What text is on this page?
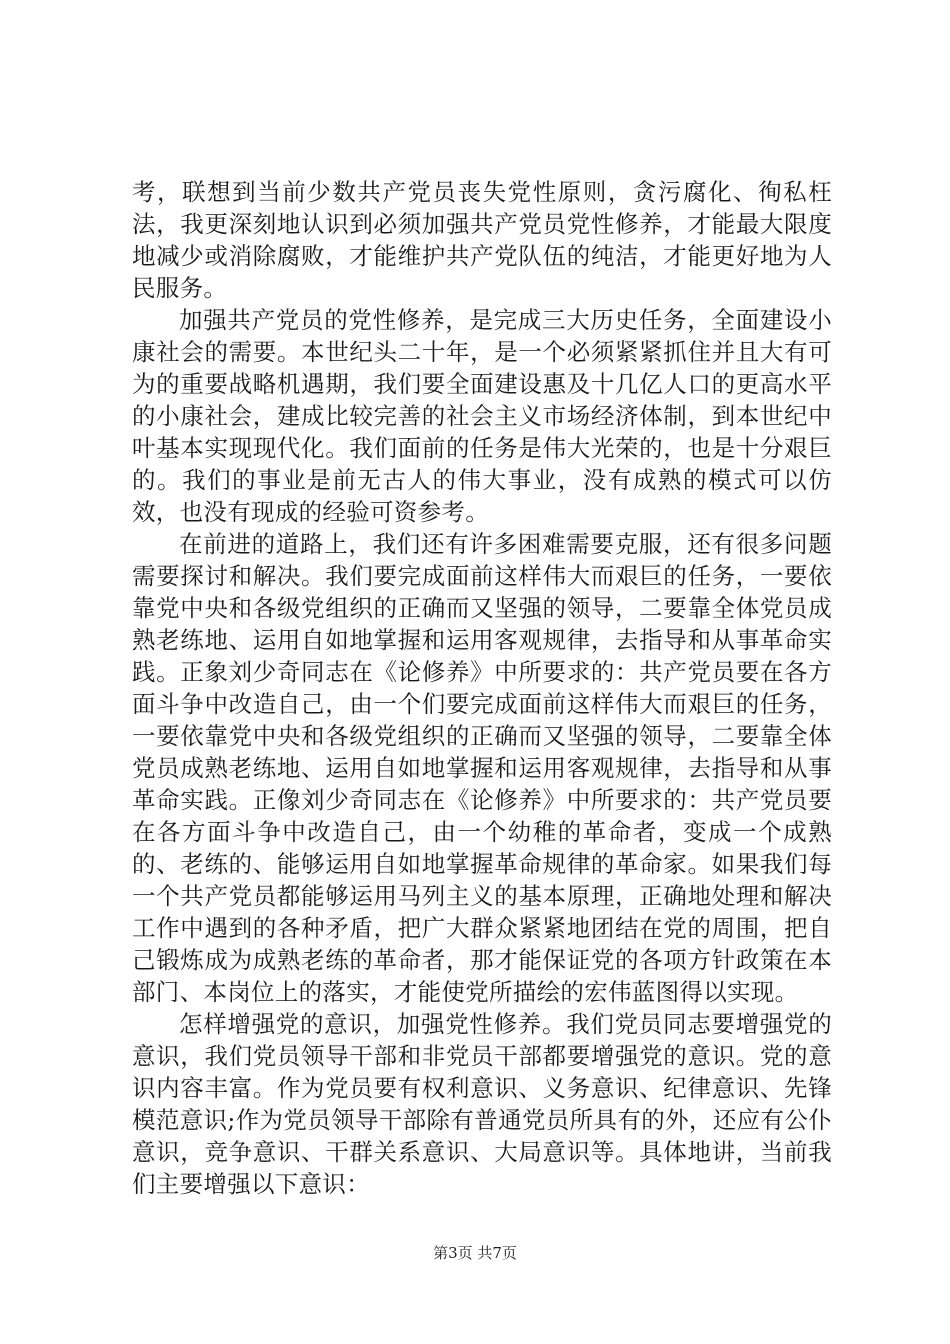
考，联想到当前少数共产党员丧失党性原则，贪污腐化、徇私枉法，我更深刻地认识到必须加强共产党员党性修养，才能最大限度地减少或消除腐败，才能维护共产党队伍的纯洁，才能更好地为人民服务。

加强共产党员的党性修养，是完成三大历史任务，全面建设小康社会的需要。本世纪头二十年，是一个必须紧紧抓住并且大有可为的重要战略机遇期，我们要全面建设惠及十几亿人口的更高水平的小康社会，建成比较完善的社会主义市场经济体制，到本世纪中叶基本实现现代化。我们面前的任务是伟大光荣的，也是十分艰巨的。我们的事业是前无古人的伟大事业，没有成熟的模式可以仿效，也没有现成的经验可资参考。

在前进的道路上，我们还有许多困难需要克服，还有很多问题需要探讨和解决。我们要完成面前这样伟大而艰巨的任务，一要依靠党中央和各级党组织的正确而又坚强的领导，二要靠全体党员成熟老练地、运用自如地掌握和运用客观规律，去指导和从事革命实践。正象刘少奇同志在《论修养》中所要求的：共产党员要在各方面斗争中改造自己，由一个们要完成面前这样伟大而艰巨的任务，一要依靠党中央和各级党组织的正确而又坚强的领导，二要靠全体党员成熟老练地、运用自如地掌握和运用客观规律，去指导和从事革命实践。正像刘少奇同志在《论修养》中所要求的：共产党员要在各方面斗争中改造自己，由一个幼稚的革命者，变成一个成熟的、老练的、能够运用自如地掌握革命规律的革命家。如果我们每一个共产党员都能够运用马列主义的基本原理，正确地处理和解决工作中遇到的各种矛盾，把广大群众紧紧地团结在党的周围，把自己锻炼成为成熟老练的革命者，那才能保证党的各项方针政策在本部门、本岗位上的落实，才能使党所描绘的宏伟蓝图得以实现。

怎样增强党的意识，加强党性修养。我们党员同志要增强党的意识，我们党员领导干部和非党员干部都要增强党的意识。党的意识内容丰富。作为党员要有权利意识、义务意识、纪律意识、先锋模范意识;作为党员领导干部除有普通党员所具有的外，还应有公仆意识，竞争意识、干群关系意识、大局意识等。具体地讲，当前我们主要增强以下意识：

第3页 共7页
